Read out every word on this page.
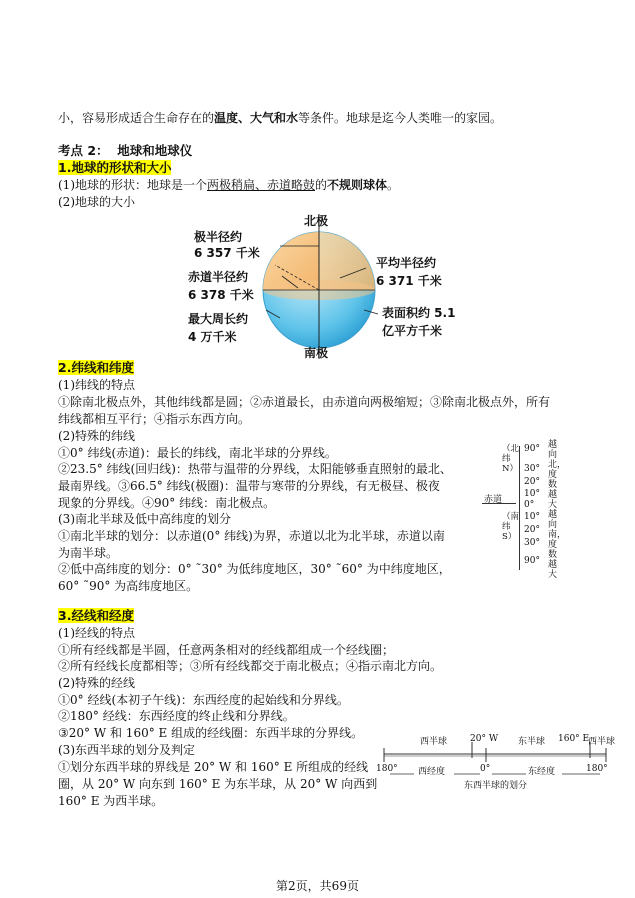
小，容易形成适合生命存在的温度、大气和水等条件。地球是迄今人类唯一的家园。
考点 2： 地球和地球仪
1.地球的形状和大小
(1)地球的形状：地球是一个两极稍扁、赤道略鼓的不规则球体。
(2)地球的大小
北极
南极
极半径约
6 357 千米
赤道半径约
6 378 千米
最大周长约
4 万千米
平均半径约
6 371 千米
表面积约 5.1
亿平方千米
2.纬线和纬度
(1)纬线的特点
①除南北极点外，其他纬线都是圆；②赤道最长，由赤道向两极缩短；③除南北极点外，所有
纬线都相互平行；④指示东西方向。
(2)特殊的纬线
①0° 纬线(赤道)：最长的纬线，南北半球的分界线。
②23.5° 纬线(回归线)：热带与温带的分界线，太阳能够垂直照射的最北、
最南界线。③66.5° 纬线(极圈)：温带与寒带的分界线，有无极昼、极夜
现象的分界线。④90° 纬线：南北极点。
(3)南北半球及低中高纬度的划分
①南北半球的划分：以赤道(0° 纬线)为界，赤道以北为北半球，赤道以南
为南半球。
②低中高纬度的划分：0° ˜30° 为低纬度地区，30° ˜60° 为中纬度地区，
60° ˜90° 为高纬度地区。
（北纬N）
（南纬S）
赤道
90°
30°
20°
10°
0°
10°
20°
30°
90°
越向北，度数越大
越向南，度数越大
3.经线和经度
(1)经线的特点
①所有经线都是半圆，任意两条相对的经线都组成一个经线圈；
②所有经线长度都相等；③所有经线都交于南北极点；④指示南北方向。
(2)特殊的经线
①0° 经线(本初子午线)：东西经度的起始线和分界线。
②180° 经线：东西经度的终止线和分界线。
③20° W 和 160° E 组成的经线圈：东西半球的分界线。
(3)东西半球的划分及判定
①划分东西半球的界线是 20° W 和 160° E 所组成的经线
圈，从 20° W 向东到 160° E 为东半球，从 20° W 向西到
160° E 为西半球。
西半球	20° W 东半球 160° E
西半球
180° 西经度	0°	东经度	180°
东西半球的划分
第2页，共69页
